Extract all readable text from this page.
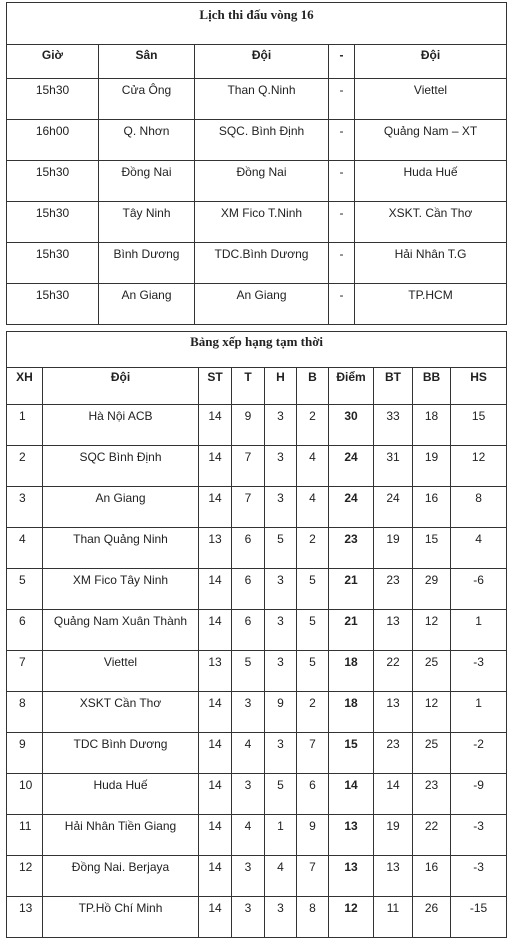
Lịch thi đấu vòng 16				
Giờ	Sân	Đội	-	Đội
15h30	Cửa Ông	Than Q.Ninh	-	Viettel
16h00	Q. Nhơn	SQC. Bình Định	-	Quảng Nam – XT
15h30	Đồng Nai	Đồng Nai	-	Huda Huế
15h30	Tây Ninh	XM Fico T.Ninh	-	XSKT. Cần Thơ
15h30	Bình Dương	TDC.Bình Dương	-	Hải Nhân T.G
15h30	An Giang	An Giang	-	TP.HCM
Bảng xếp hạng tạm thời									
XH	Đội	ST	T	H	B	Điểm	BT	BB	HS
1	Hà Nội ACB	14	9	3	2	30	33	18	15
2	SQC Bình Định	14	7	3	4	24	31	19	12
3	An Giang	14	7	3	4	24	24	16	8
4	Than Quảng Ninh	13	6	5	2	23	19	15	4
5	XM Fico Tây Ninh	14	6	3	5	21	23	29	-6
6	Quảng Nam Xuân Thành	14	6	3	5	21	13	12	1
7	Viettel	13	5	3	5	18	22	25	-3
8	XSKT Cần Thơ	14	3	9	2	18	13	12	1
9	TDC Bình Dương	14	4	3	7	15	23	25	-2
10	Huda Huế	14	3	5	6	14	14	23	-9
11	Hải Nhân Tiền Giang	14	4	1	9	13	19	22	-3
12	Đồng Nai. Berjaya	14	3	4	7	13	13	16	-3
13	TP.Hồ Chí Minh	14	3	3	8	12	11	26	-15
